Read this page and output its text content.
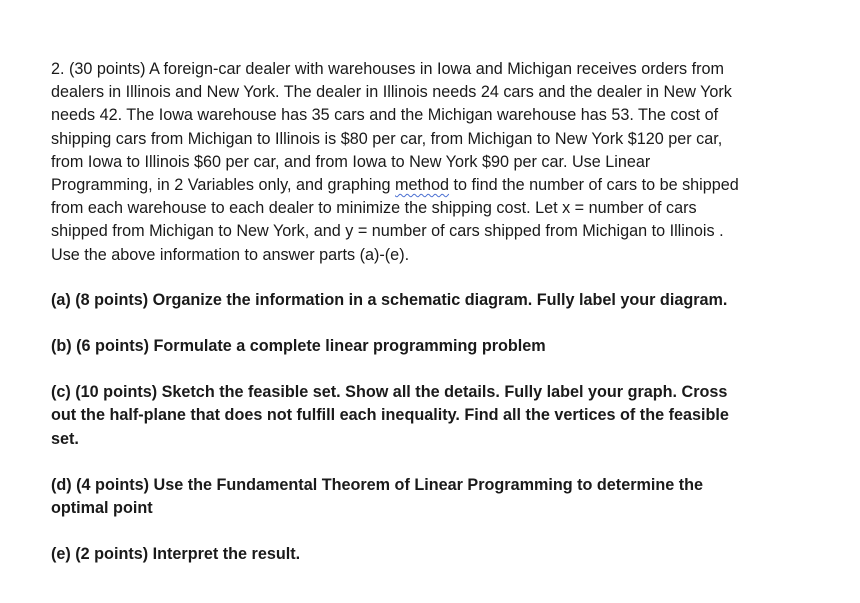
2. (30 points) A foreign-car dealer with warehouses in Iowa and Michigan receives orders from
dealers in Illinois and New York. The dealer in Illinois needs 24 cars and the dealer in New York
needs 42. The Iowa warehouse has 35 cars and the Michigan warehouse has 53. The cost of
shipping cars from Michigan to Illinois is $80 per car, from Michigan to New York $120 per car,
from Iowa to Illinois $60 per car, and from Iowa to New York $90 per car. Use Linear
Programming, in 2 Variables only, and graphing method to find the number of cars to be shipped
from each warehouse to each dealer to minimize the shipping cost. Let x = number of cars
shipped from Michigan to New York, and y = number of cars shipped from Michigan to Illinois .
Use the above information to answer parts (a)-(e).

(a) (8 points) Organize the information in a schematic diagram. Fully label your diagram.

(b) (6 points) Formulate a complete linear programming problem

(c) (10 points) Sketch the feasible set. Show all the details. Fully label your graph. Cross
out the half-plane that does not fulfill each inequality. Find all the vertices of the feasible
set.

(d) (4 points) Use the Fundamental Theorem of Linear Programming to determine the
optimal point

(e) (2 points) Interpret the result.
